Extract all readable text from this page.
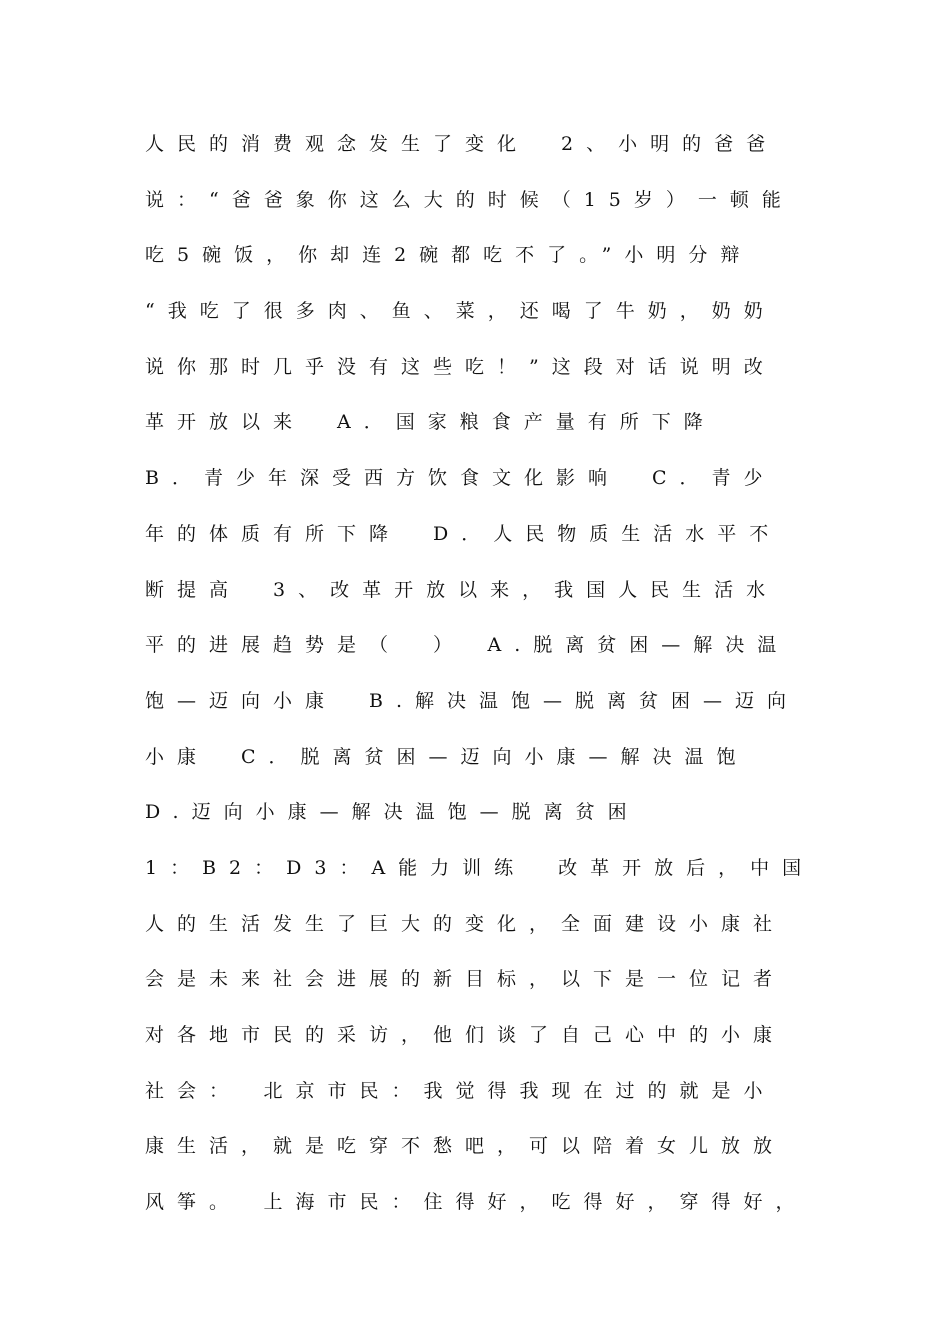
人民的消费观念发生了变化　2、小明的爸爸
说：“爸爸象你这么大的时候（15岁）一顿能
吃5碗饭，你却连2碗都吃不了。”小明分辩
“我吃了很多肉、鱼、菜，还喝了牛奶，奶奶
说你那时几乎没有这些吃！”这段对话说明改
革开放以来　A．国家粮食产量有所下降
B．青少年深受西方饮食文化影响　C．青少
年的体质有所下降　D．人民物质生活水平不
断提高　3、改革开放以来，我国人民生活水
平的进展趋势是（　）　A.脱离贫困—解决温
饱—迈向小康　B.解决温饱—脱离贫困—迈向
小康　C．脱离贫困—迈向小康—解决温饱
D.迈向小康—解决温饱—脱离贫困
1：B2：D3：A能力训练　改革开放后，中国
人的生活发生了巨大的变化，全面建设小康社
会是未来社会进展的新目标，以下是一位记者
对各地市民的采访，他们谈了自己心中的小康
社会：　北京市民：我觉得我现在过的就是小
康生活，就是吃穿不愁吧，可以陪着女儿放放
风筝。　上海市民：住得好，吃得好，穿得好，
